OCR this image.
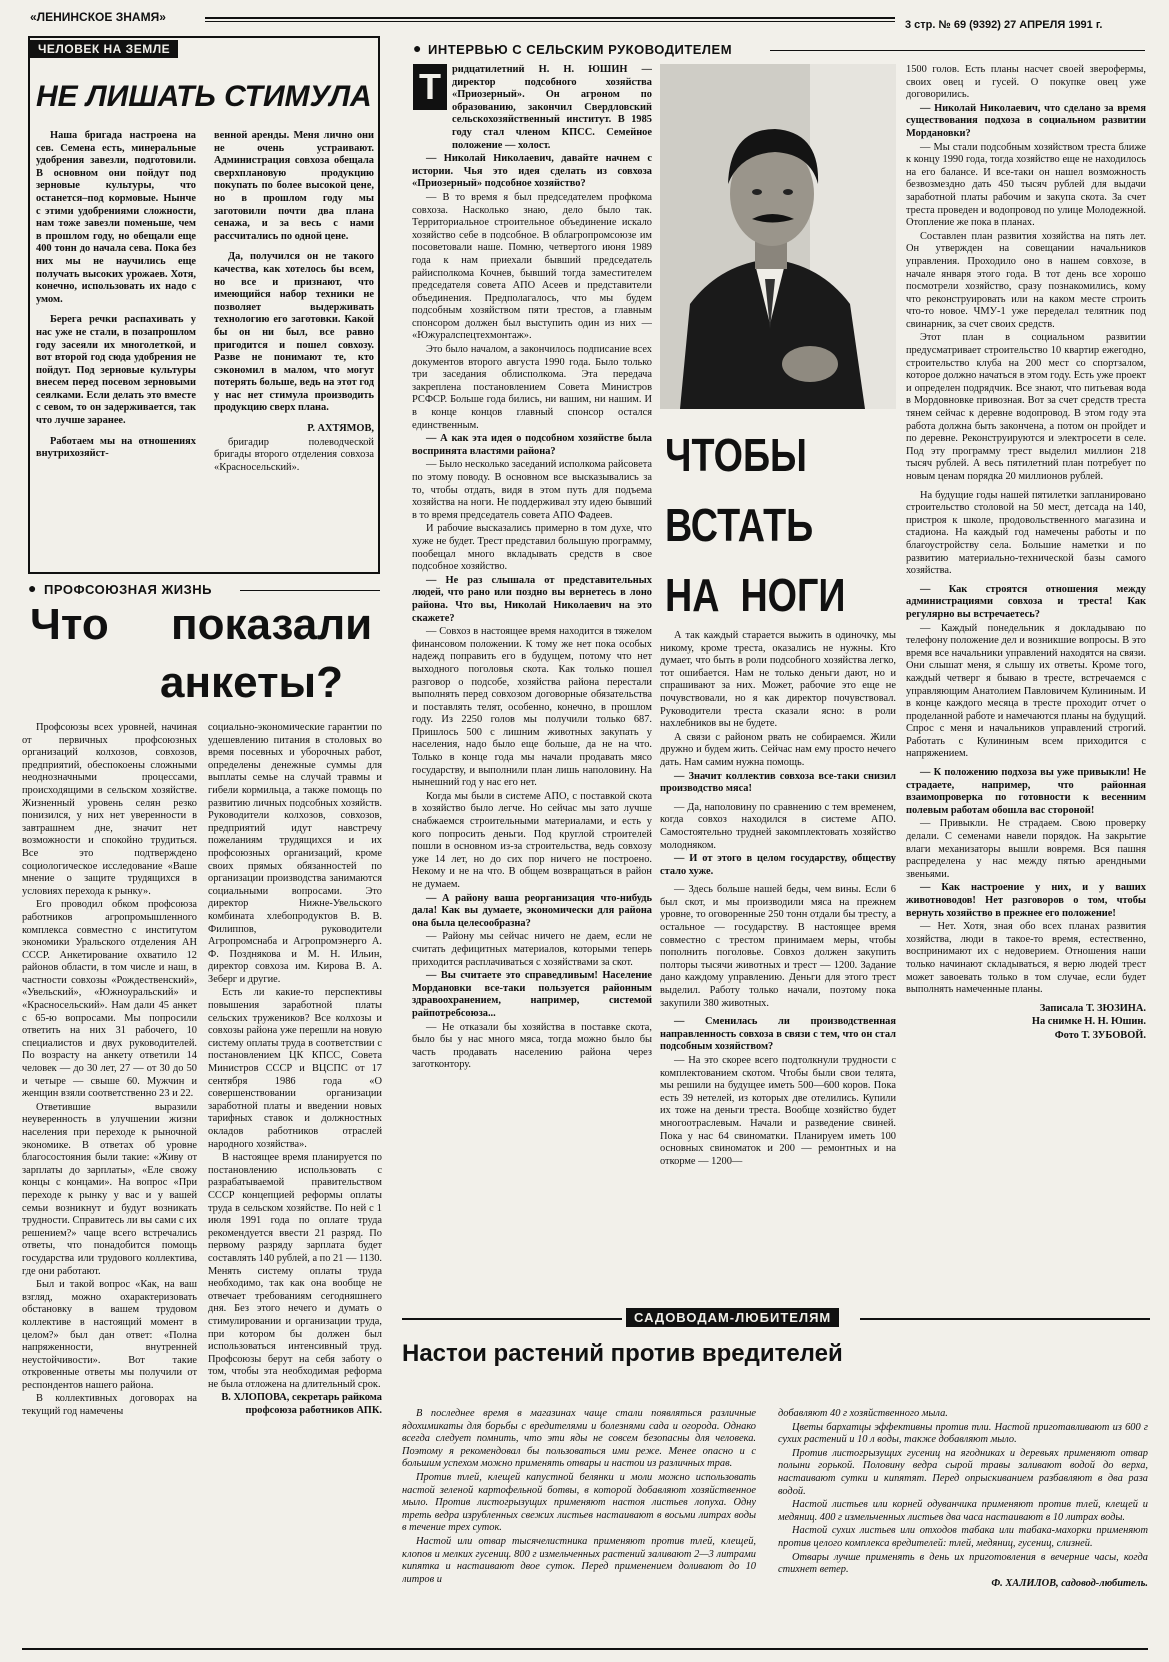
«ЛЕНИНСКОЕ ЗНАМЯ»
3 стр. № 69 (9392) 27 АПРЕЛЯ 1991 г.
ЧЕЛОВЕК НА ЗЕМЛЕ
НЕ ЛИШАТЬ СТИМУЛА

Наша бригада настроена на сев. Семена есть, минеральные удобрения завезли, подготовили. В основном они пойдут под зерновые культуры, что останется–под кормовые. Нынче с этими удобрениями сложности, нам тоже завезли поменьше, чем в прошлом году, но обещали еще 400 тонн до начала сева. Пока без них мы не научились еще получать высоких урожаев. Хотя, конечно, использовать их надо с умом.

Берега речки распахивать у нас уже не стали, в позапрошлом году засеяли их многолеткой, и вот второй год сюда удобрения не пойдут. Под зерновые культуры внесем перед посевом зерновыми сеялками. Если делать это вместе с севом, то он задерживается, так что лучше заранее.

Работаем мы на отношениях внутрихозяйст-

венной аренды. Меня лично они не очень устраивают. Администрация совхоза обещала сверхплановую продукцию покупать по более высокой цене, но в прошлом году мы заготовили почти два плана сенажа, и за весь с нами рассчитались по одной цене.

Да, получился он не такого качества, как хотелось бы всем, но все и признают, что имеющийся набор техники не позволяет выдерживать технологию его заготовки. Какой бы он ни был, все равно пригодится и пошел совхозу. Разве не понимают те, кто сэкономил в малом, что могут потерять больше, ведь на этот год у нас нет стимула производить продукцию сверх плана.

Р. АХТЯМОВ,

бригадир полеводческой бригады второго отделения совхоза «Красносельский».

● ПРОФСОЮЗНАЯ ЖИЗНЬ
Что показали
анкеты?

Профсоюзы всех уровней, начиная от первичных профсоюзных организаций колхозов, совхозов, предприятий, обеспокоены сложными неоднозначными процессами, происходящими в сельском хозяйстве. Жизненный уровень селян резко понизился, у них нет уверенности в завтрашнем дне, значит нет возможности и спокойно трудиться. Все это подтверждено социологическое исследование «Ваше мнение о защите трудящихся в условиях перехода к рынку».

Его проводил обком профсоюза работников агропромышленного комплекса совместно с институтом экономики Уральского отделения АН СССР. Анкетирование охватило 12 районов области, в том числе и наш, в частности совхозы «Рождественский», «Увельский», «Южноуральский» и «Красносельский». Нам дали 45 анкет с 65-ю вопросами. Мы попросили ответить на них 31 рабочего, 10 специалистов и двух руководителей. По возрасту на анкету ответили 14 человек — до 30 лет, 27 — от 30 до 50 и четыре — свыше 60. Мужчин и женщин взяли соответственно 23 и 22.

Ответившие выразили неуверенность в улучшении жизни населения при переходе к рыночной экономике. В ответах об уровне благосостояния были такие: «Живу от зарплаты до зарплаты», «Еле свожу концы с концами». На вопрос «При переходе к рынку у вас и у вашей семьи возникнут и будут возникать трудности. Справитесь ли вы сами с их решением?» чаще всего встречались ответы, что понадобится помощь государства или трудового коллектива, где они работают.

Был и такой вопрос «Как, на ваш взгляд, можно охарактеризовать обстановку в вашем трудовом коллективе в настоящий момент в целом?» был дан ответ: «Полна напряженности, внутренней неустойчивости». Вот такие откровенные ответы мы получили от респондентов нашего района.

В коллективных договорах на текущий год намечены

социально-экономические гарантии по удешевлению питания в столовых во время посевных и уборочных работ, определены денежные суммы для выплаты семье на случай травмы и гибели кормильца, а также помощь по развитию личных подсобных хозяйств. Руководители колхозов, совхозов, предприятий идут навстречу пожеланиям трудящихся и их профсоюзных организаций, кроме своих прямых обязанностей по организации производства занимаются социальными вопросами. Это директор Нижне-Увельского комбината хлебопродуктов В. В. Филиппов, руководители Агропромснаба и Агропромэнерго А. Ф. Позднякова и М. Н. Ильин, директор совхоза им. Кирова В. А. Зеберг и другие.

Есть ли какие-то перспективы повышения заработной платы сельских тружеников? Все колхозы и совхозы района уже перешли на новую систему оплаты труда в соответствии с постановлением ЦК КПСС, Совета Министров СССР и ВЦСПС от 17 сентября 1986 года «О совершенствовании организации заработной платы и введении новых тарифных ставок и должностных окладов работников отраслей народного хозяйства».

В настоящее время планируется по постановлению использовать с разрабатываемой правительством СССР концепцией реформы оплаты труда в сельском хозяйстве. По ней с 1 июля 1991 года по оплате труда рекомендуется ввести 21 разряд. По первому разряду зарплата будет составлять 140 рублей, а по 21 — 1130. Менять систему оплаты труда необходимо, так как она вообще не отвечает требованиям сегодняшнего дня. Без этого нечего и думать о стимулировании и организации труда, при котором бы должен был использоваться интенсивный труд. Профсоюзы берут на себя заботу о том, чтобы эта необходимая реформа не была отложена на длительный срок.

В. ХЛОПОВА, секретарь райкома профсоюза работников АПК.

● ИНТЕРВЬЮ С СЕЛЬСКИМ РУКОВОДИТЕЛЕМ
Т	ридцатилетний Н. Н. ЮШИН — директор подсобного хозяйства «Приозерный». Он агроном по образованию, закончил Свердловский сельскохозяйственный институт. В 1985 году стал членом КПСС. Семейное положение — холост.

— Николай Николаевич, давайте начнем с истории. Чья это идея сделать из совхоза «Приозерный» подсобное хозяйство?

— В то время я был председателем профкома совхоза. Насколько знаю, дело было так. Территориальное строительное объединение искало хозяйство себе в подсобное. В облагропромсоюзе им посоветовали наше. Помню, четвертого июня 1989 года к нам приехали бывший председатель райисполкома Кочнев, бывший тогда заместителем председателя совета АПО Асеев и представители объединения. Предполагалось, что мы будем подсобным хозяйством пяти трестов, а главным спонсором должен был выступить один из них — «Южуралспецтехмонтаж».

Это было началом, а закончилось подписание всех документов второго августа 1990 года. Было только три заседания облисполкома. Эта передача закреплена постановлением Совета Министров РСФСР. Больше года бились, ни вашим, ни нашим. И в конце концов главный спонсор остался единственным.

— А как эта идея о подсобном хозяйстве была воспринята властями района?

— Было несколько заседаний исполкома райсовета по этому поводу. В основном все высказывались за то, чтобы отдать, видя в этом путь для подъема хозяйства на ноги. Не поддерживал эту идею бывший в то время председатель совета АПО Фадеев.

И рабочие высказались примерно в том духе, что хуже не будет. Трест представил большую программу, пообещал много вкладывать средств в свое подсобное хозяйство.

— Не раз слышала от представительных людей, что рано или поздно вы вернетесь в лоно района. Что вы, Николай Николаевич на это скажете?

— Совхоз в настоящее время находится в тяжелом финансовом положении. К тому же нет пока особых надежд поправить его в будущем, потому что нет выходного поголовья скота. Как только пошел разговор о подсобе, хозяйства района перестали выполнять перед совхозом договорные обязательства и поставлять телят, особенно, конечно, в прошлом году. Из 2250 голов мы получили только 687. Пришлось 500 с лишним животных закупать у населения, надо было еще больше, да не на что. Только в конце года мы начали продавать мясо государству, и выполнили план лишь наполовину. На нынешний год у нас его нет.

Когда мы были в системе АПО, с поставкой скота в хозяйство было легче. Но сейчас мы зато лучше снабжаемся строительными материалами, и есть у кого попросить деньги. Под круглой строителей пошли в основном из-за строительства, ведь совхозу уже 14 лет, но до сих пор ничего не построено. Некому и не на что. В общем возвращаться в район не думаем.

— А району ваша реорганизация что-нибудь дала! Как вы думаете, экономически для района она была целесообразна?

— Району мы сейчас ничего не даем, если не считать дефицитных материалов, которыми теперь приходится расплачиваться с хозяйствами за скот.

— Вы считаете это справедливым! Население Мордановки все-таки пользуется районным здравоохранением, например, системой райпотребсоюза...

— Не отказали бы хозяйства в поставке скота, было бы у нас много мяса, тогда можно было бы часть продавать населению района через заготконтору.

ЧТОБЫ
ВСТАТЬ
НА  НОГИ

А так каждый старается выжить в одиночку, мы никому, кроме треста, оказались не нужны. Кто думает, что быть в роли подсобного хозяйства легко, тот ошибается. Нам не только деньги дают, но и спрашивают за них. Может, рабочие это еще не почувствовали, но я как директор почувствовал. Руководители треста сказали ясно: в роли нахлебников вы не будете.

А связи с районом рвать не собираемся. Жили дружно и будем жить. Сейчас нам ему просто нечего дать. Нам самим нужна помощь.

— Значит коллектив совхоза все-таки снизил производство мяса!

— Да, наполовину по сравнению с тем временем, когда совхоз находился в системе АПО. Самостоятельно трудней закомплектовать хозяйство молодняком.

— И от этого в целом государству, обществу стало хуже.

— Здесь больше нашей беды, чем вины. Если 6 был скот, и мы производили мяса на прежнем уровне, то оговоренные 250 тонн отдали бы тресту, а остальное — государству. В настоящее время совместно с трестом принимаем меры, чтобы пополнить поголовье. Совхоз должен закупить полторы тысячи животных и трест — 1200. Задание дано каждому управлению. Деньги для этого трест выделил. Работу только начали, поэтому пока закупили 380 животных.

— Сменилась ли производственная направленность совхоза в связи с тем, что он стал подсобным хозяйством?

— На это скорее всего подтолкнули трудности с комплектованием скотом. Чтобы были свои телята, мы решили на будущее иметь 500—600 коров. Пока есть 39 нетелей, из которых две отелились. Купили их тоже на деньги треста. Вообще хозяйство будет многоотраслевым. Начали и разведение свиней. Пока у нас 64 свиноматки. Планируем иметь 100 основных свиноматок и 200 — ремонтных и на откорме — 1200—

1500 голов. Есть планы насчет своей зверофермы, своих овец и гусей. О покупке овец уже договорились.

— Николай Николаевич, что сделано за время существования подхоза в социальном развитии Мордановки?

— Мы стали подсобным хозяйством треста ближе к концу 1990 года, тогда хозяйство еще не находилось на его балансе. И все-таки он нашел возможность безвозмездно дать 450 тысяч рублей для выдачи заработной платы рабочим и закупа скота. За счет треста проведен и водопровод по улице Молодежной. Отопление же пока в планах.

Составлен план развития хозяйства на пять лет. Он утвержден на совещании начальников управления. Проходило оно в нашем совхозе, в начале января этого года. В тот день все хорошо посмотрели хозяйство, сразу познакомились, кому что реконструировать или на каком месте строить что-то новое. ЧМУ-1 уже переделал телятник под свинарник, за счет своих средств.

Этот план в социальном развитии предусматривает строительство 10 квартир ежегодно, строительство клуба на 200 мест со спортзалом, которое должно начаться в этом году. Есть уже проект и определен подрядчик. Все знают, что питьевая вода в Мордовновке привозная. Вот за счет средств треста тянем сейчас к деревне водопровод. В этом году эта работа должна быть закончена, а потом он пройдет и по деревне. Реконструируются и электросети в селе. Под эту программу трест выделил миллион 218 тысяч рублей. А весь пятилетний план потребует по новым ценам порядка 20 миллионов рублей.

На будущие годы нашей пятилетки запланировано строительство столовой на 50 мест, детсада на 140, пристроя к школе, продовольственного магазина и стадиона. На каждый год намечены работы и по благоустройству села. Большие наметки и по развитию материально-технической базы самого хозяйства.

— Как строятся отношения между администрациями совхоза и треста! Как регулярно вы встречаетесь?

— Каждый понедельник я докладываю по телефону положение дел и возникшие вопросы. В это время все начальники управлений находятся на связи. Они слышат меня, я слышу их ответы. Кроме того, каждый четверг я бываю в тресте, встречаемся с управляющим Анатолием Павловичем Кулининым. И в конце каждого месяца в тресте проходит отчет о проделанной работе и намечаются планы на будущий. Спрос с меня и начальников управлений строгий. Работать с Кулининым всем приходится с напряжением.

— К положению подхоза вы уже привыкли! Не страдаете, например, что районная взаимопроверка по готовности к весенним полевым работам обошла вас стороной!

— Привыкли. Не страдаем. Свою проверку делали. С семенами навели порядок. На закрытие влаги механизаторы вышли вовремя. Вся пашня распределена у нас между пятью арендными звеньями.

— Как настроение у них, и у ваших животноводов! Нет разговоров о том, чтобы вернуть хозяйство в прежнее его положение!

— Нет. Хотя, зная обо всех планах развития хозяйства, люди в такое-то время, естественно, воспринимают их с недоверием. Отношения наши только начинают складываться, я верю людей трест может завоевать только в том случае, если будет выполнять намеченные планы.

Записала Т. ЗЮЗИНА.

На снимке Н. Н. Юшин.

Фото Т. ЗУБОВОЙ.

САДОВОДАМ-ЛЮБИТЕЛЯМ
Настои растений против вредителей

В последнее время в магазинах чаще стали появляться различные ядохимикаты для борьбы с вредителями и болезнями сада и огорода. Однако всегда следует помнить, что эти яды не совсем безопасны для человека. Поэтому я рекомендовал бы пользоваться ими реже. Менее опасно и с большим успехом можно применять отвары и настои из различных трав.

Против тлей, клещей капустной белянки и моли можно использовать настой зеленой картофельной ботвы, в которой добавляют хозяйственное мыло. Против листогрызущих применяют настоя листьев лопуха. Одну треть ведра изрубленных свежих листьев настаивают в восьми литрах воды в течение трех суток.

Настой или отвар тысячелистника применяют против тлей, клещей, клопов и мелких гусениц. 800 г измельченных растений заливают 2—3 литрами кипятка и настаивают двое суток. Перед применением доливают до 10 литров и

добавляют 40 г хозяйственного мыла.

Цветы бархатцы эффективны против тли. Настой приготавливают из 600 г сухих растений и 10 л воды, также добавляют мыло.

Против листогрызущих гусениц на ягодниках и деревьях применяют отвар полыни горькой. Половину ведра сырой травы заливают водой до верха, настаивают сутки и кипятят. Перед опрыскиванием разбавляют в два раза водой.

Настой листьев или корней одуванчика применяют против тлей, клещей и медяниц. 400 г измельченных листьев два часа настаивают в 10 литрах воды.

Настой сухих листьев или отходов табака или табака-махорки применяют против целого комплекса вредителей: тлей, медяниц, гусениц, слизней.

Отвары лучше применять в день их приготовления в вечерние часы, когда стихнет ветер.

Ф. ХАЛИЛОВ, садовод-любитель.
